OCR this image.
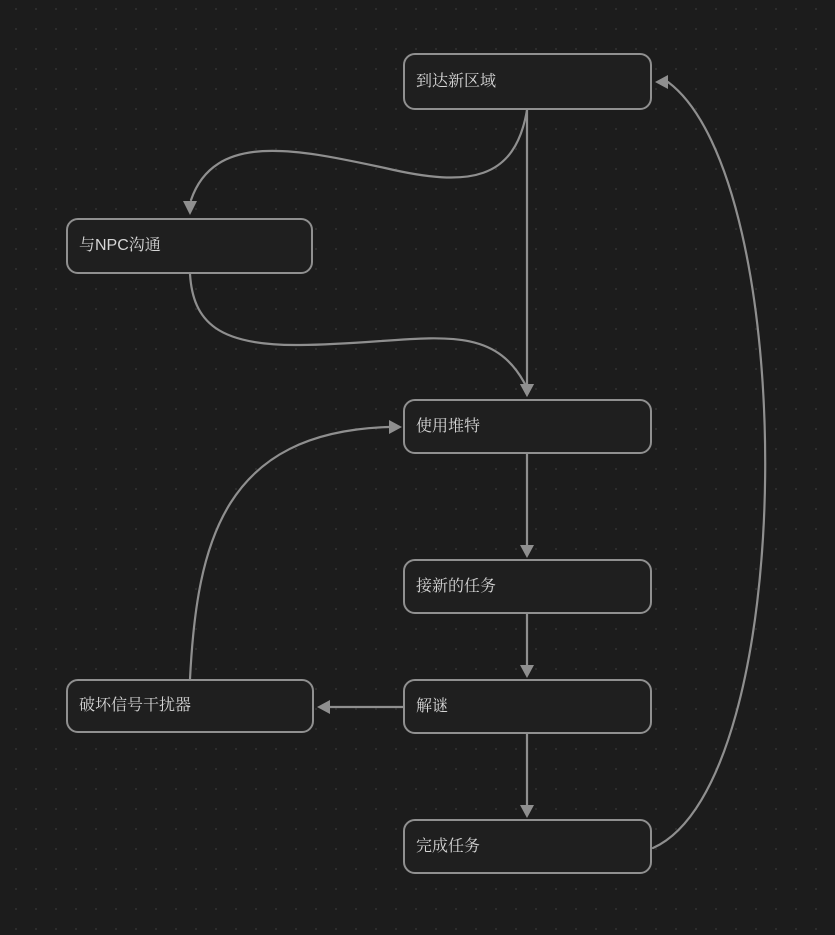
到达新区域
与NPC沟通
使用堆特
接新的任务
解谜
破坏信号干扰器
完成任务
